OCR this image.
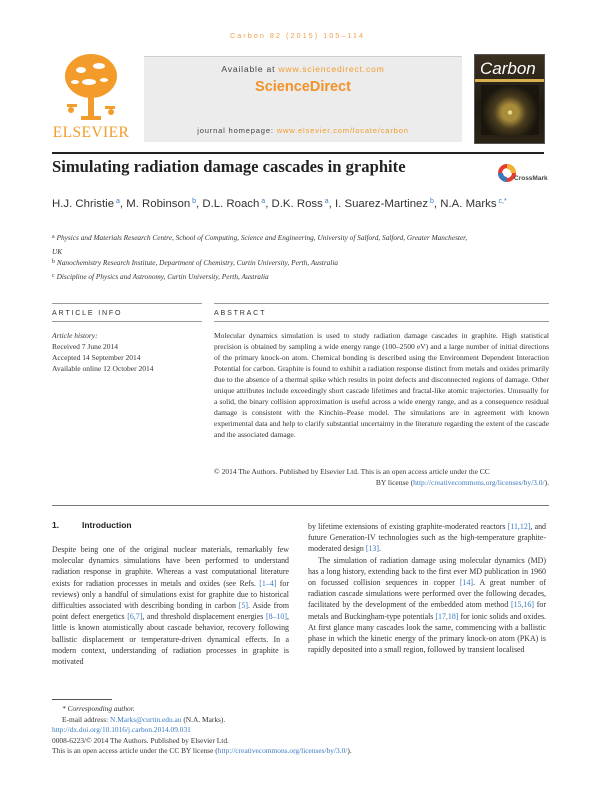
Carbon 82 (2015) 105–114
ELSEVIER
Available at www.sciencedirect.com
ScienceDirect
journal homepage: www.elsevier.com/locate/carbon
Carbon
Simulating radiation damage cascades in graphite
CrossMark
H.J. Christie $^a$, M. Robinson $^b$, D.L. Roach $^a$, D.K. Ross $^a$, I. Suarez-Martinez $^b$, N.A. Marks $^{c,*}$
$^a$ Physics and Materials Research Centre, School of Computing, Science and Engineering, University of Salford, Salford, Greater Manchester,
UK
$^b$ Nanochemistry Research Institute, Department of Chemistry, Curtin University, Perth, Australia
$^c$ Discipline of Physics and Astronomy, Curtin University, Perth, Australia
ARTICLE INFO	ABSTRACT
Article history:
Received 7 June 2014
Accepted 14 September 2014
Available online 12 October 2014
Molecular dynamics simulation is used to study radiation damage cascades in graphite. High statistical precision is obtained by sampling a wide energy range (100–2500 eV) and a large number of initial directions of the primary knock-on atom. Chemical bonding is described using the Environment Dependent Interaction Potential for carbon. Graphite is found to exhibit a radiation response distinct from metals and oxides primarily due to the absence of a thermal spike which results in point defects and disconnected regions of damage. Other unique attributes include exceedingly short cascade lifetimes and fractal-like atomic trajectories. Unusually for a solid, the binary collision approximation is useful across a wide energy range, and as a consequence residual damage is consistent with the Kinchin–Pease model. The simulations are in agreement with known experimental data and help to clarify substantial uncertainty in the literature regarding the extent of the cascade and the associated damage.
© 2014 The Authors. Published by Elsevier Ltd. This is an open access article under the CC
BY license (http://creativecommons.org/licenses/by/3.0/).
1.	Introduction

Despite being one of the original nuclear materials, remarkably few molecular dynamics simulations have been performed to understand radiation response in graphite. Whereas a vast computational literature exists for radiation processes in metals and oxides (see Refs. [1–4] for reviews) only a handful of simulations exist for graphite due to historical difficulties associated with describing bonding in carbon [5]. Aside from point defect energetics [6,7], and threshold displacement energies [8–10], little is known atomistically about cascade behavior, recovery following ballistic displacement or temperature-driven dynamical effects. In a modern context, understanding of radiation processes in graphite is motivated

by lifetime extensions of existing graphite-moderated reactors [11,12], and future Generation-IV technologies such as the high-temperature graphite-moderated design [13].

The simulation of radiation damage using molecular dynamics (MD) has a long history, extending back to the first ever MD publication in 1960 on focussed collision sequences in copper [14]. A great number of radiation cascade simulations were performed over the following decades, facilitated by the development of the embedded atom method [15,16] for metals and Buckingham-type potentials [17,18] for ionic solids and oxides. At first glance many cascades look the same, commencing with a ballistic phase in which the kinetic energy of the primary knock-on atom (PKA) is rapidly deposited into a small region, followed by transient localised

* Corresponding author.
E-mail address: N.Marks@curtin.edu.au (N.A. Marks).
http://dx.doi.org/10.1016/j.carbon.2014.09.031
0008-6223/© 2014 The Authors. Published by Elsevier Ltd.
This is an open access article under the CC BY license (http://creativecommons.org/licenses/by/3.0/).
